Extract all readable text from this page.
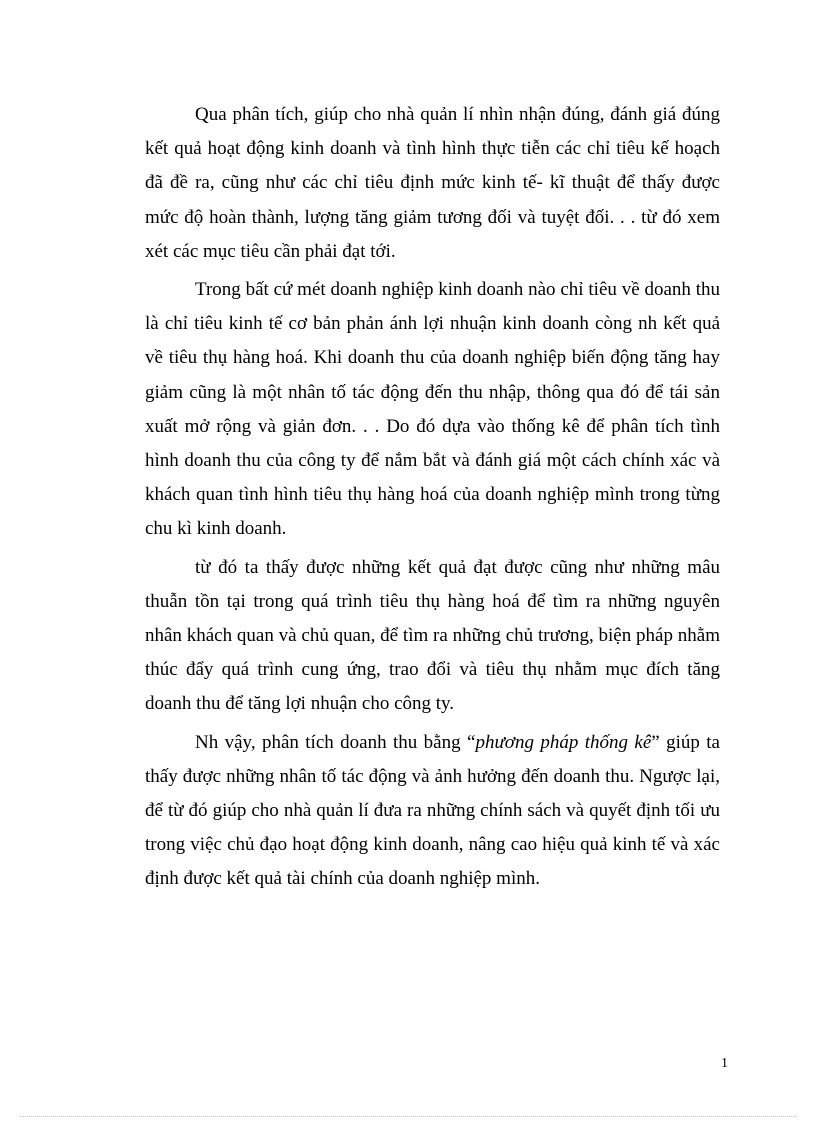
Qua phân tích, giúp cho nhà quản lí nhìn nhận đúng, đánh giá đúng kết quả hoạt động kinh doanh và tình hình thực tiễn các chỉ tiêu kế hoạch đã đề ra, cũng như các chỉ tiêu định mức kinh tế- kĩ thuật để thấy được mức độ hoàn thành, lượng tăng giảm tương đối và tuyệt đối. . . từ đó xem xét các mục tiêu cần phải đạt tới.

Trong bất cứ mét doanh nghiệp kinh doanh nào chỉ tiêu về doanh thu là chỉ tiêu kinh tế cơ bản phản ánh lợi nhuận kinh doanh còng nh kết quả về tiêu thụ hàng hoá. Khi doanh thu của doanh nghiệp biến động tăng hay giảm cũng là một nhân tố tác động đến thu nhập, thông qua đó để tái sản xuất mở rộng và giản đơn. . . Do đó dựa vào thống kê để phân tích tình hình doanh thu của công ty để nắm bắt và đánh giá một cách chính xác và khách quan tình hình tiêu thụ hàng hoá của doanh nghiệp mình trong từng chu kì kinh doanh.

từ đó ta thấy được những kết quả đạt được cũng như những mâu thuẫn tồn tại trong quá trình tiêu thụ hàng hoá để tìm ra những nguyên nhân khách quan và chủ quan, để tìm ra những chủ trương, biện pháp nhằm thúc đẩy quá trình cung ứng, trao đổi và tiêu thụ nhằm mục đích tăng doanh thu để tăng lợi nhuận cho công ty.

Nh vậy, phân tích doanh thu bằng “phương pháp thống kê” giúp ta thấy được những nhân tố tác động và ảnh hưởng đến doanh thu. Ngược lại, để từ đó giúp cho nhà quản lí đưa ra những chính sách và quyết định tối ưu trong việc chủ đạo hoạt động kinh doanh, nâng cao hiệu quả kinh tế và xác định được kết quả tài chính của doanh nghiệp mình.

1
